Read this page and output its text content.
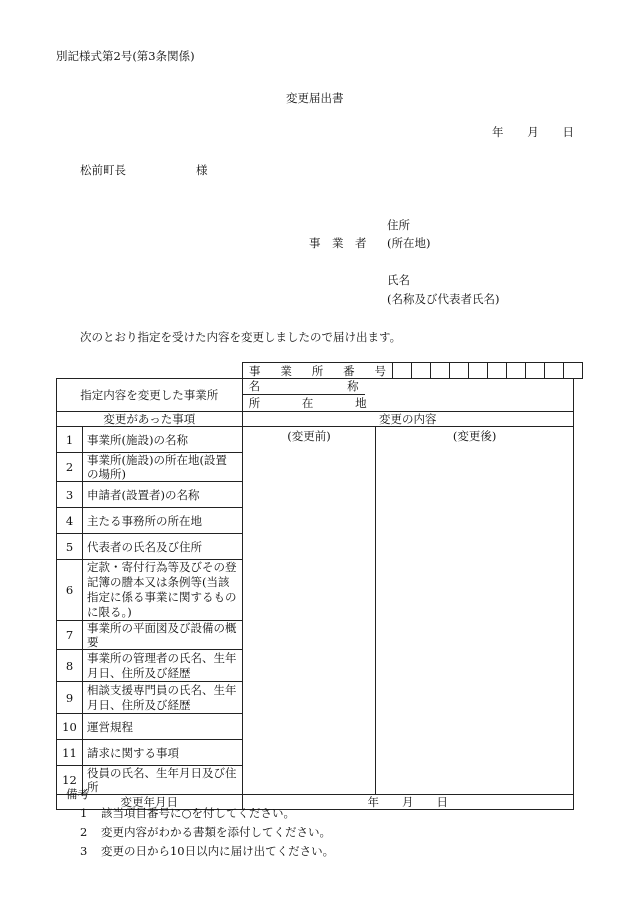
別記様式第2号(第3条関係)
変更届出書
年 月 日
松前町長	様
住所
事　業　者 (所在地)
氏名
(名称及び代表者氏名)
次のとおり指定を受けた内容を変更しましたので届け出ます。
事 業 所 番 号

指定内容を変更した事業所		名 称
所 在 地	

変更があった事項		変更の内容	
1	事業所(施設)の名称	(変更前)	(変更後)
2	事業所(施設)の所在地(設置の場所)		
3	申請者(設置者)の名称		
4	主たる事務所の所在地		
5	代表者の氏名及び住所		
6	定款・寄付行為等及びその登記簿の謄本又は条例等(当該指定に係る事業に関するものに限る。)		
7	事業所の平面図及び設備の概要		
8	事業所の管理者の氏名、生年月日、住所及び経歴		
9	相談支援専門員の氏名、生年月日、住所及び経歴		
10	運営規程		
11	請求に関する事項		
12	役員の氏名、生年月日及び住所		
変更年月日		年　　月　　日	
備考
1 該当項目番号に○を付してください。
2 変更内容がわかる書類を添付してください。
3 変更の日から10日以内に届け出てください。
